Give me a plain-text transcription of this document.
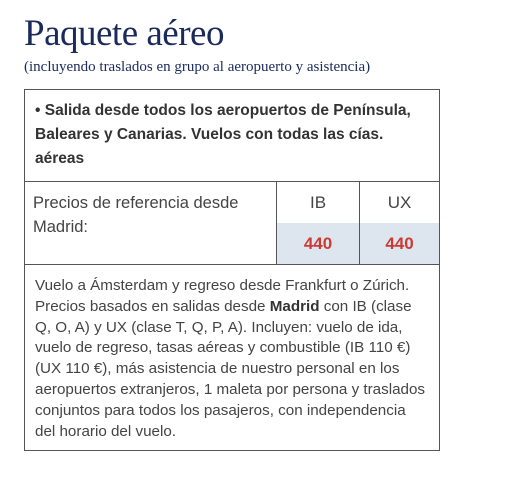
Paquete aéreo
(incluyendo traslados en grupo al aeropuerto y asistencia)
• Salida desde todos los aeropuertos de Península,
Baleares y Canarias. Vuelos con todas las cías. aéreas
Precios de referencia desde
Madrid:
IB
440
UX
440
Vuelo a Ámsterdam y regreso desde Frankfurt o Zúrich. Precios basados en salidas desde Madrid con IB (clase Q, O, A) y UX (clase T, Q, P, A). Incluyen: vuelo de ida, vuelo de regreso, tasas aéreas y combustible (IB 110 €) (UX 110 €), más asistencia de nuestro personal en los aeropuertos extranjeros, 1 maleta por persona y traslados conjuntos para todos los pasajeros, con independencia del horario del vuelo.
